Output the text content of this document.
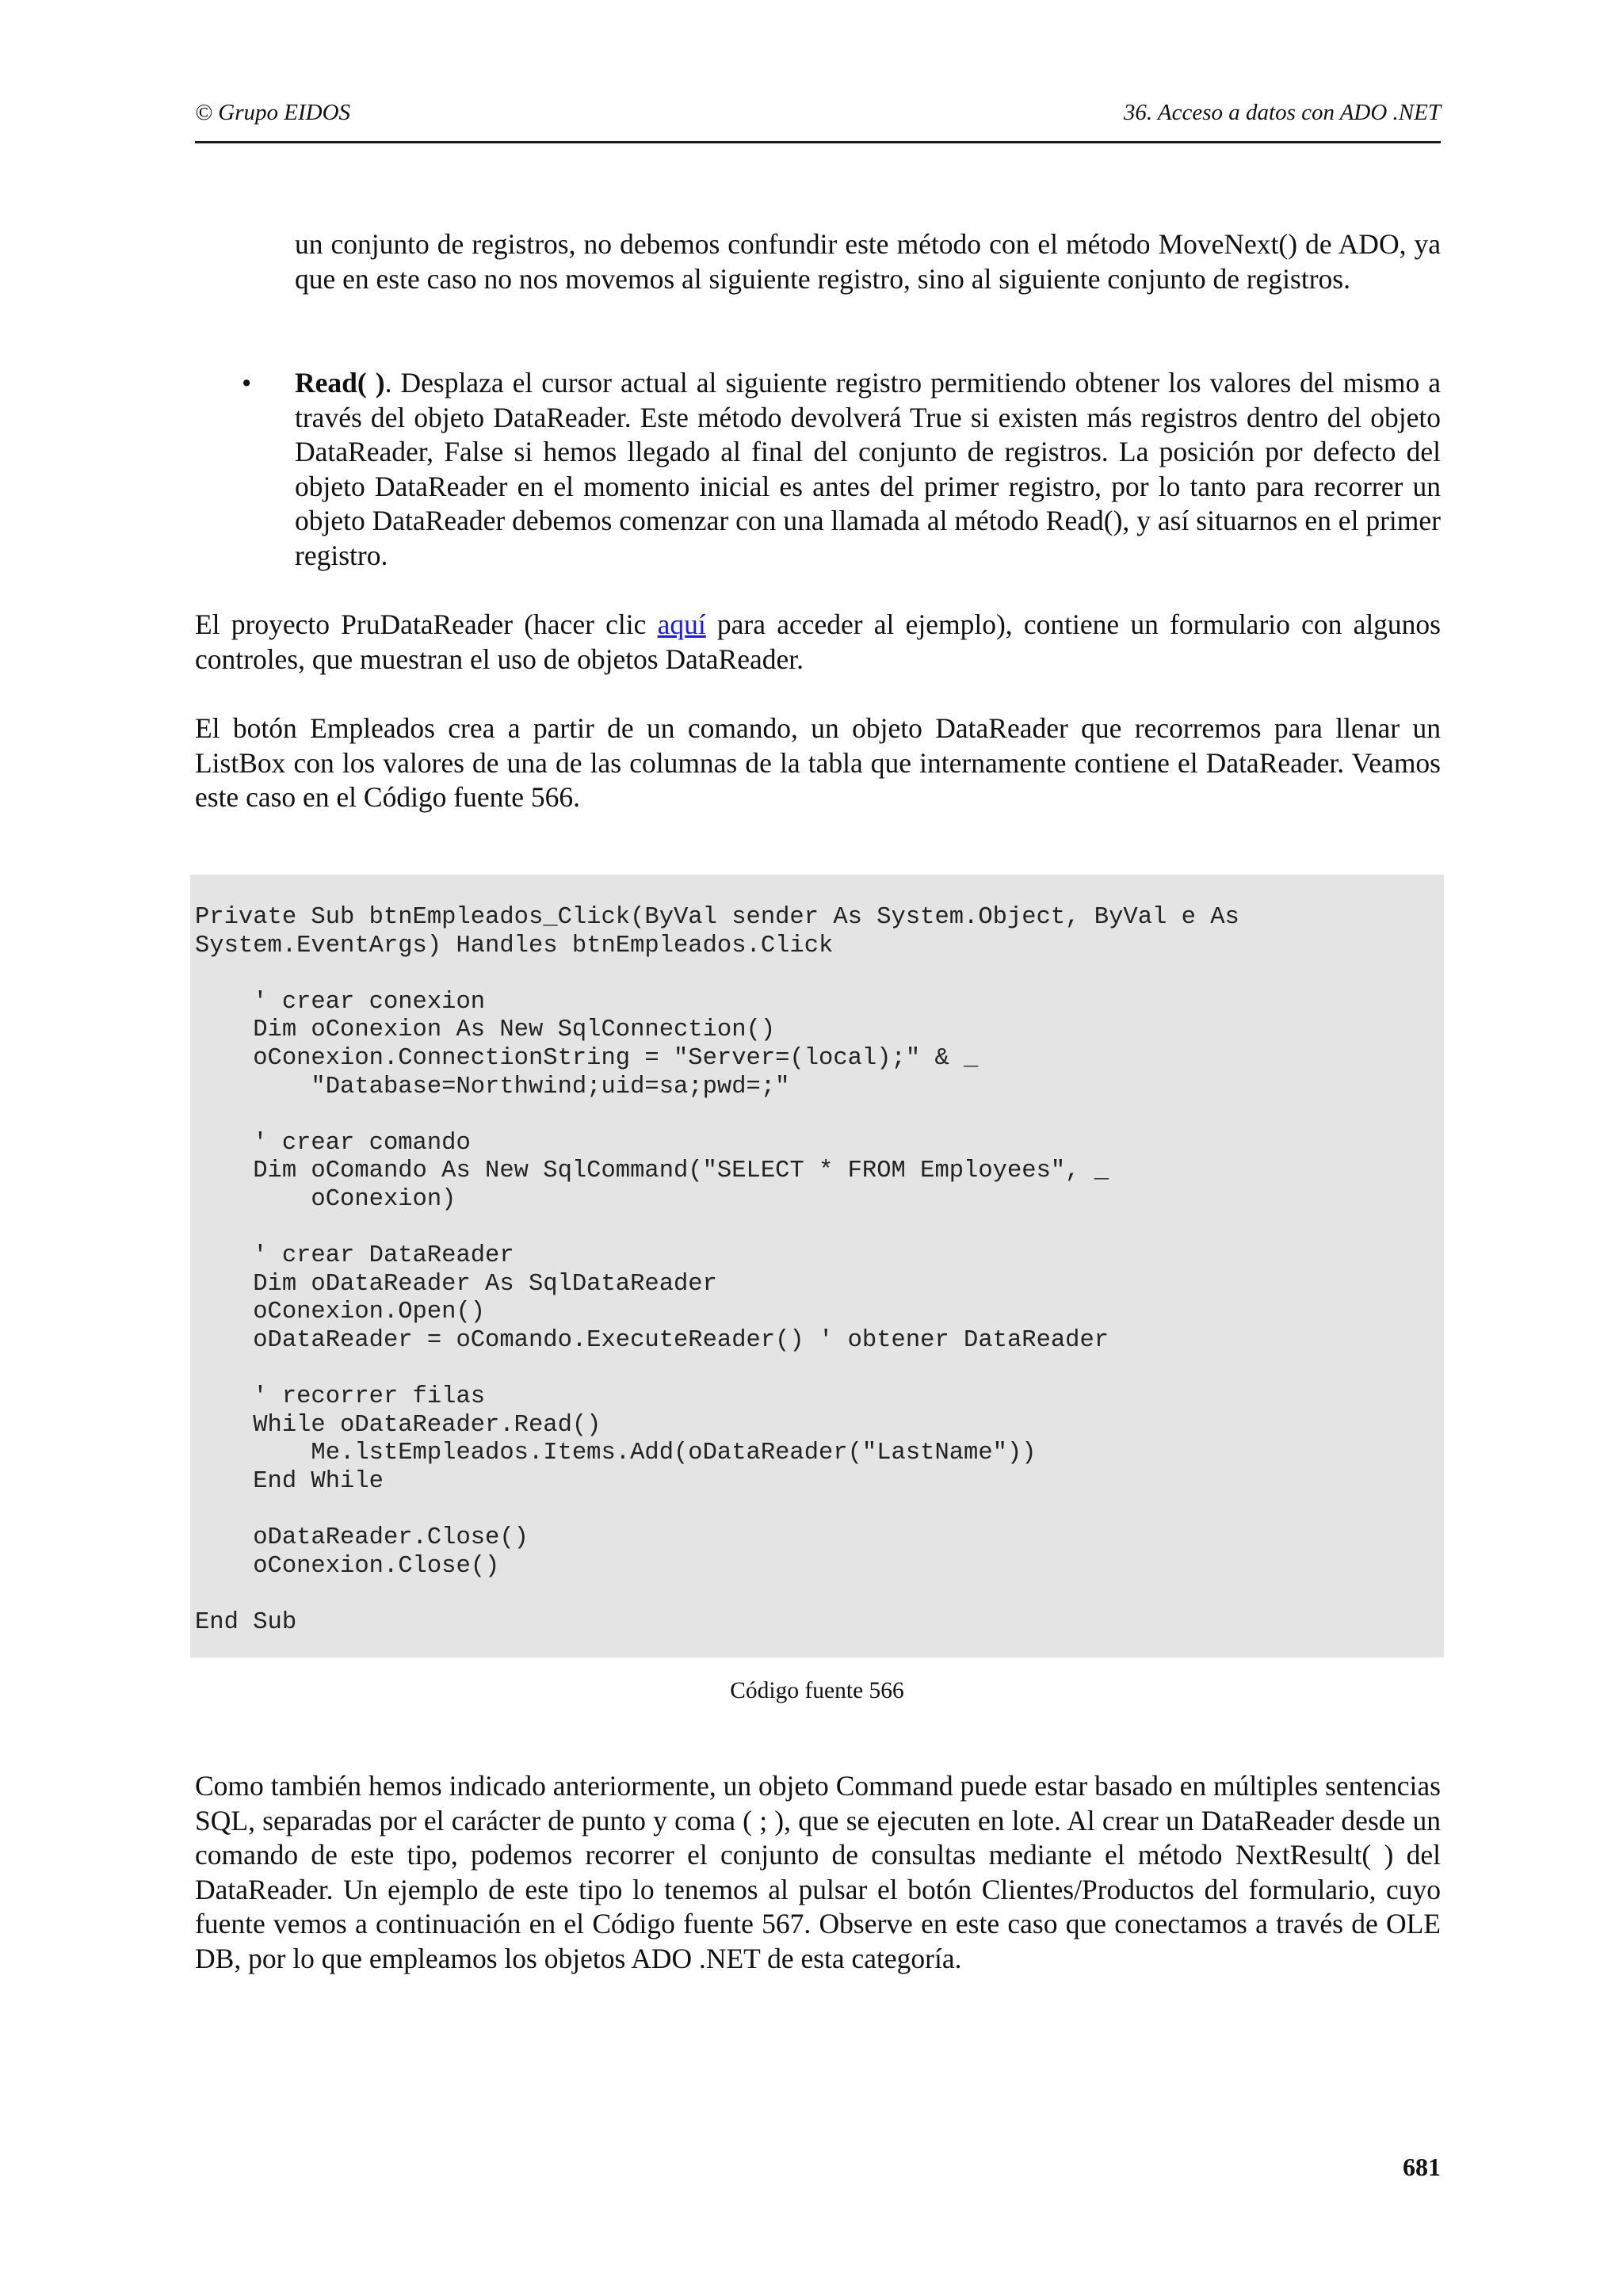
© Grupo EIDOS	36. Acceso a datos con ADO .NET

un conjunto de registros, no debemos confundir este método con el método MoveNext() de ADO, ya que en este caso no nos movemos al siguiente registro, sino al siguiente conjunto de registros.

• Read( ). Desplaza el cursor actual al siguiente registro permitiendo obtener los valores del mismo a través del objeto DataReader. Este método devolverá True si existen más registros dentro del objeto DataReader, False si hemos llegado al final del conjunto de registros. La posición por defecto del objeto DataReader en el momento inicial es antes del primer registro, por lo tanto para recorrer un objeto DataReader debemos comenzar con una llamada al método Read(), y así situarnos en el primer registro.

El proyecto PruDataReader (hacer clic aquí para acceder al ejemplo), contiene un formulario con algunos controles, que muestran el uso de objetos DataReader.

El botón Empleados crea a partir de un comando, un objeto DataReader que recorremos para llenar un ListBox con los valores de una de las columnas de la tabla que internamente contiene el DataReader. Veamos este caso en el Código fuente 566.

Private Sub btnEmpleados_Click(ByVal sender As System.Object, ByVal e As
System.EventArgs) Handles btnEmpleados.Click
' crear conexion
Dim oConexion As New SqlConnection()
oConexion.ConnectionString = "Server=(local);" & _
"Database=Northwind;uid=sa;pwd=;"
' crear comando
Dim oComando As New SqlCommand("SELECT * FROM Employees", _
oConexion)
' crear DataReader
Dim oDataReader As SqlDataReader
oConexion.Open()
oDataReader = oComando.ExecuteReader() ' obtener DataReader
' recorrer filas
While oDataReader.Read()
Me.lstEmpleados.Items.Add(oDataReader("LastName"))
End While
oDataReader.Close()
oConexion.Close()
End Sub
Código fuente 566

Como también hemos indicado anteriormente, un objeto Command puede estar basado en múltiples sentencias SQL, separadas por el carácter de punto y coma ( ; ), que se ejecuten en lote. Al crear un DataReader desde un comando de este tipo, podemos recorrer el conjunto de consultas mediante el método NextResult( ) del DataReader. Un ejemplo de este tipo lo tenemos al pulsar el botón Clientes/Productos del formulario, cuyo fuente vemos a continuación en el Código fuente 567. Observe en este caso que conectamos a través de OLE DB, por lo que empleamos los objetos ADO .NET de esta categoría.

681
